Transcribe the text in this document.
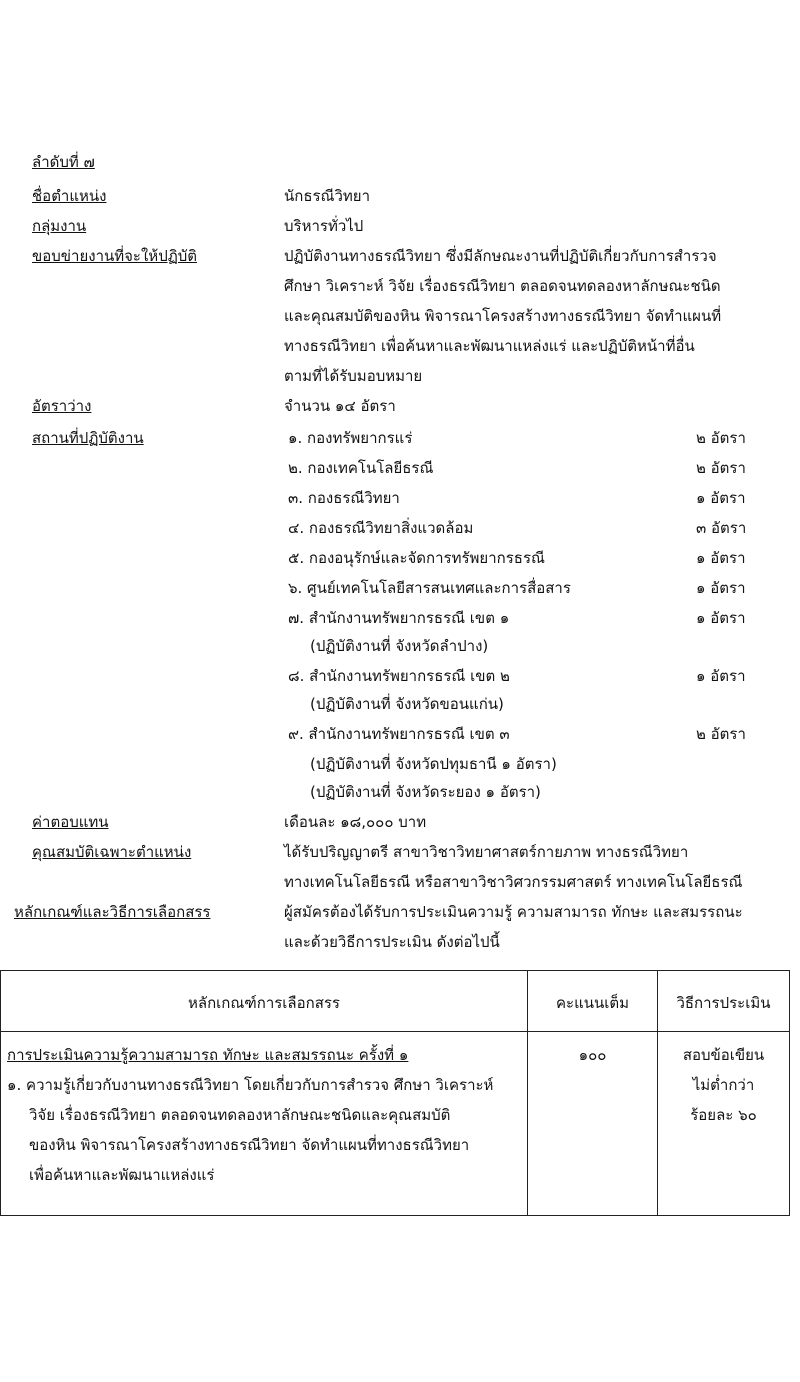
ลำดับที่ ๗
ชื่อตำแหน่ง	นักธรณีวิทยา
กลุ่มงาน	บริหารทั่วไป
ขอบข่ายงานที่จะให้ปฏิบัติ	ปฏิบัติงานทางธรณีวิทยา ซึ่งมีลักษณะงานที่ปฏิบัติเกี่ยวกับการสำรวจ
ศึกษา วิเคราะห์ วิจัย เรื่องธรณีวิทยา ตลอดจนทดลองหาลักษณะชนิด
และคุณสมบัติของหิน พิจารณาโครงสร้างทางธรณีวิทยา จัดทำแผนที่
ทางธรณีวิทยา เพื่อค้นหาและพัฒนาแหล่งแร่ และปฏิบัติหน้าที่อื่น
ตามที่ได้รับมอบหมาย
อัตราว่าง	จำนวน ๑๔ อัตรา
สถานที่ปฏิบัติงาน	๑. กองทรัพยากรแร่	๒ อัตรา
๒. กองเทคโนโลยีธรณี	๒ อัตรา
๓. กองธรณีวิทยา	๑ อัตรา
๔. กองธรณีวิทยาสิ่งแวดล้อม	๓ อัตรา
๕. กองอนุรักษ์และจัดการทรัพยากรธรณี	๑ อัตรา
๖. ศูนย์เทคโนโลยีสารสนเทศและการสื่อสาร	๑ อัตรา
๗. สำนักงานทรัพยากรธรณี เขต ๑	๑ อัตรา
(ปฏิบัติงานที่ จังหวัดลำปาง)
๘. สำนักงานทรัพยากรธรณี เขต ๒	๑ อัตรา
(ปฏิบัติงานที่ จังหวัดขอนแก่น)
๙. สำนักงานทรัพยากรธรณี เขต ๓	๒ อัตรา
(ปฏิบัติงานที่ จังหวัดปทุมธานี ๑ อัตรา)
(ปฏิบัติงานที่ จังหวัดระยอง ๑ อัตรา)
ค่าตอบแทน	เดือนละ ๑๘,๐๐๐ บาท
คุณสมบัติเฉพาะตำแหน่ง	ได้รับปริญญาตรี สาขาวิชาวิทยาศาสตร์กายภาพ ทางธรณีวิทยา
ทางเทคโนโลยีธรณี หรือสาขาวิชาวิศวกรรมศาสตร์ ทางเทคโนโลยีธรณี
หลักเกณฑ์และวิธีการเลือกสรร	ผู้สมัครต้องได้รับการประเมินความรู้ ความสามารถ ทักษะ และสมรรถนะ
และด้วยวิธีการประเมิน ดังต่อไปนี้
หลักเกณฑ์การเลือกสรร	คะแนนเต็ม	วิธีการประเมิน
การประเมินความรู้ความสามารถ ทักษะ และสมรรถนะ ครั้งที่ ๑
๑. ความรู้เกี่ยวกับงานทางธรณีวิทยา โดยเกี่ยวกับการสำรวจ ศึกษา วิเคราะห์
วิจัย เรื่องธรณีวิทยา ตลอดจนทดลองหาลักษณะชนิดและคุณสมบัติ
ของหิน พิจารณาโครงสร้างทางธรณีวิทยา จัดทำแผนที่ทางธรณีวิทยา
เพื่อค้นหาและพัฒนาแหล่งแร่
๑๐๐	สอบข้อเขียน
ไม่ต่ำกว่า
ร้อยละ ๖๐
